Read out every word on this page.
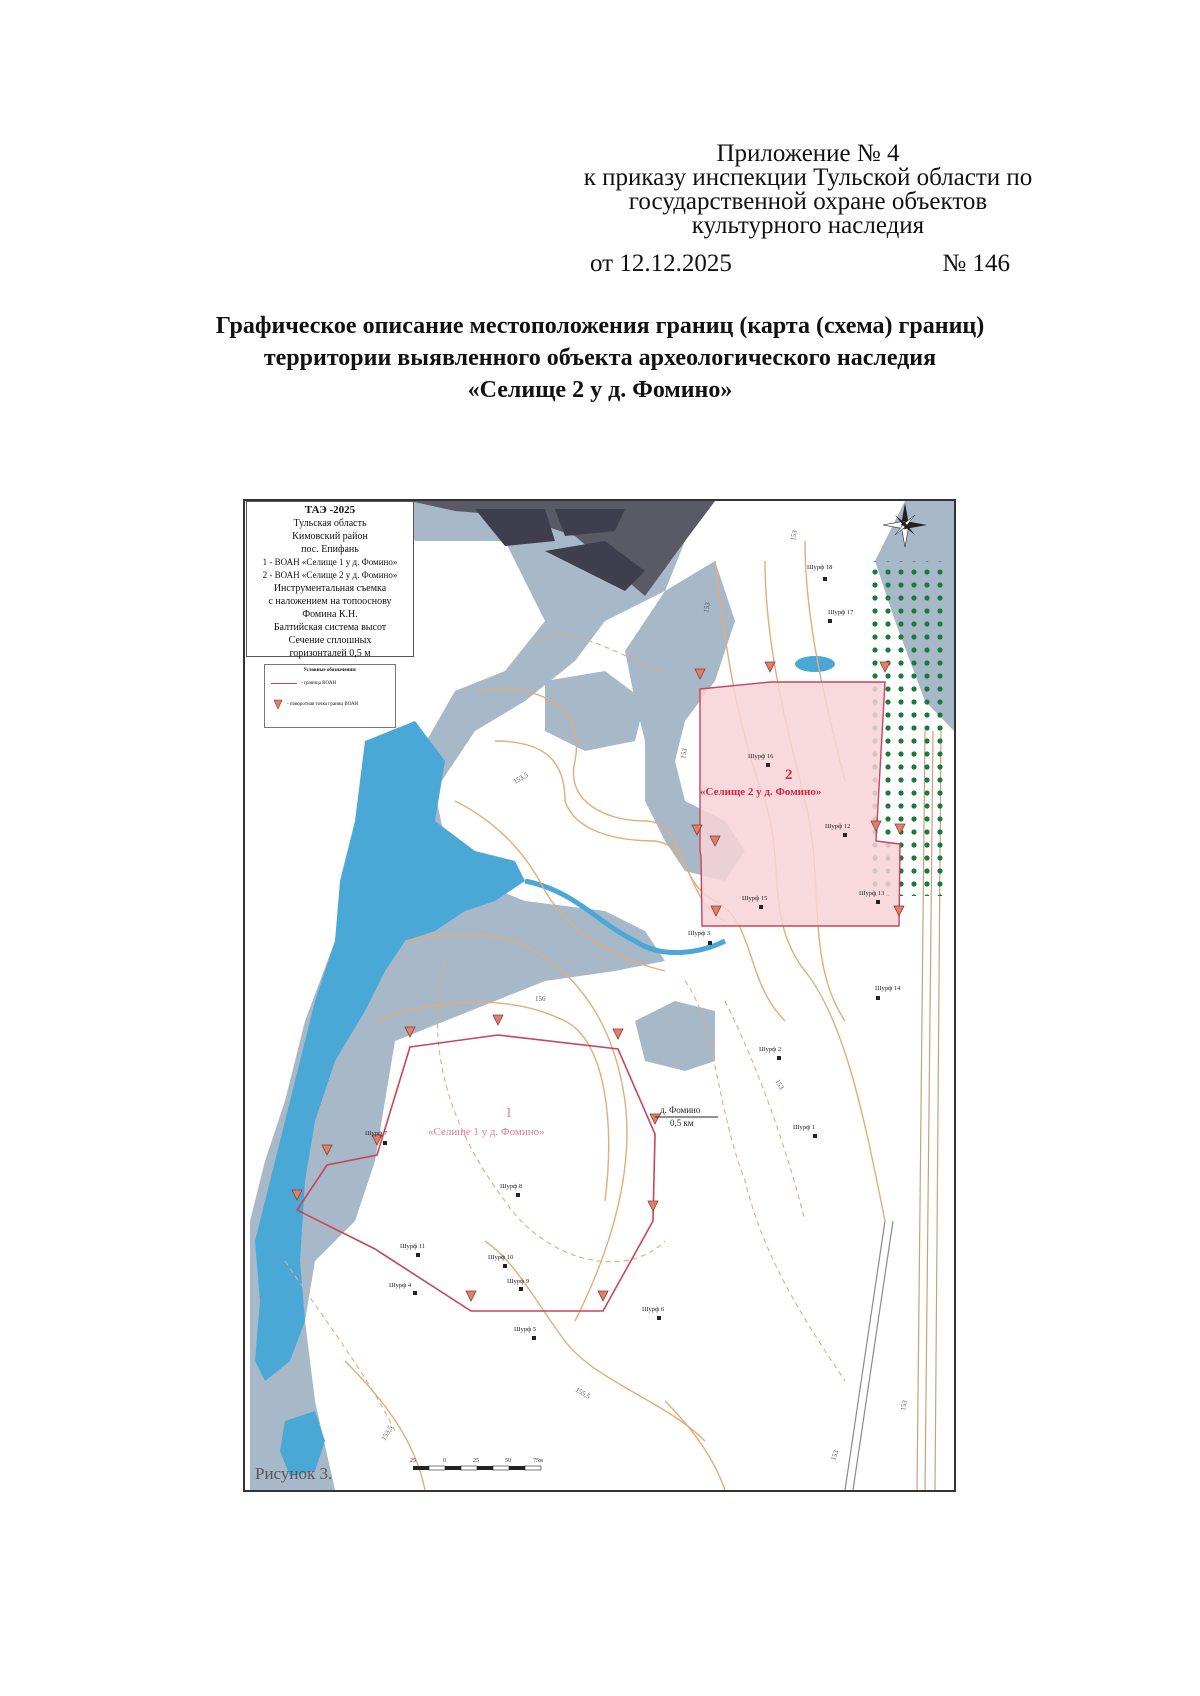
Приложение № 4
к приказу инспекции Тульской области по
государственной охране объектов
культурного наследия
от 12.12.2025	№ 146
Графическое описание местоположения границ (карта (схема) границ)
территории выявленного объекта археологического наследия
«Селище 2 у д. Фомино»
153
153
153,5
153
156
155,5
153
153
153,5
153
Шурф 1
Шурф 2
Шурф 3
Шурф 4
Шурф 5
Шурф 6
Шурф 7
Шурф 8
Шурф 9
Шурф 10
Шурф 11
Шурф 12
Шурф 13
Шурф 14
Шурф 15
Шурф 16
Шурф 17
Шурф 18
2
«Селище 2 у д. Фомино»
1
«Селище 1 у д. Фомино»
д. Фомино
0,5 км
25	0	25	50	75м
Рисунок 3.
ТАЭ -2025
Тульская область
Кимовский район
пос. Епифань
1 - ВОАН «Селище 1 у д. Фомино»
2 - ВОАН «Селище 2 у д. Фомино»
Инструментальная съемка
с наложением на топооснову
Фомина К.Н.
Балтийская система высот
Сечение сплошных
горизонталей 0,5 м
Условные обозначения:
- граница ВОАН
- поворотная точка границ ВОАН
